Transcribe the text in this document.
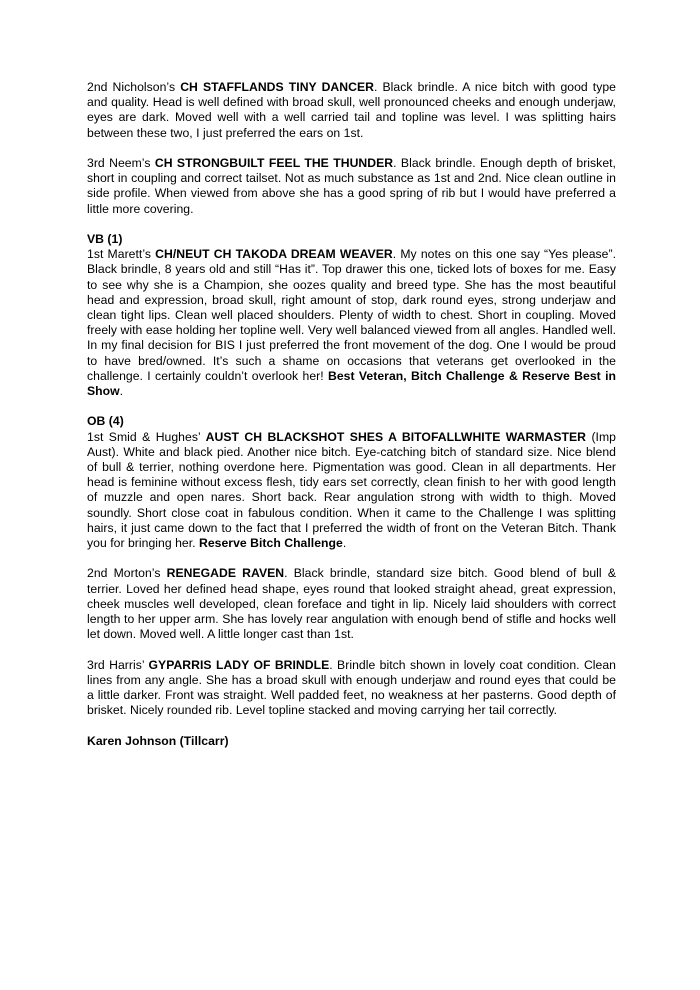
2nd Nicholson’s CH STAFFLANDS TINY DANCER. Black brindle. A nice bitch with good type and quality. Head is well defined with broad skull, well pronounced cheeks and enough underjaw, eyes are dark. Moved well with a well carried tail and topline was level. I was splitting hairs between these two, I just preferred the ears on 1st.

3rd Neem’s CH STRONGBUILT FEEL THE THUNDER. Black brindle. Enough depth of brisket, short in coupling and correct tailset. Not as much substance as 1st and 2nd. Nice clean outline in side profile. When viewed from above she has a good spring of rib but I would have preferred a little more covering.

VB (1)

1st Marett’s CH/NEUT CH TAKODA DREAM WEAVER. My notes on this one say “Yes please”. Black brindle, 8 years old and still “Has it”. Top drawer this one, ticked lots of boxes for me. Easy to see why she is a Champion, she oozes quality and breed type. She has the most beautiful head and expression, broad skull, right amount of stop, dark round eyes, strong underjaw and clean tight lips. Clean well placed shoulders. Plenty of width to chest. Short in coupling. Moved freely with ease holding her topline well. Very well balanced viewed from all angles. Handled well. In my final decision for BIS I just preferred the front movement of the dog. One I would be proud to have bred/owned. It’s such a shame on occasions that veterans get overlooked in the challenge. I certainly couldn’t overlook her! Best Veteran, Bitch Challenge & Reserve Best in Show.

OB (4)

1st Smid & Hughes’ AUST CH BLACKSHOT SHES A BITOFALLWHITE WARMASTER (Imp Aust). White and black pied. Another nice bitch. Eye-catching bitch of standard size. Nice blend of bull & terrier, nothing overdone here. Pigmentation was good. Clean in all departments. Her head is feminine without excess flesh, tidy ears set correctly, clean finish to her with good length of muzzle and open nares. Short back. Rear angulation strong with width to thigh. Moved soundly. Short close coat in fabulous condition. When it came to the Challenge I was splitting hairs, it just came down to the fact that I preferred the width of front on the Veteran Bitch. Thank you for bringing her. Reserve Bitch Challenge.

2nd Morton’s RENEGADE RAVEN. Black brindle, standard size bitch. Good blend of bull & terrier. Loved her defined head shape, eyes round that looked straight ahead, great expression, cheek muscles well developed, clean foreface and tight in lip. Nicely laid shoulders with correct length to her upper arm. She has lovely rear angulation with enough bend of stifle and hocks well let down. Moved well. A little longer cast than 1st.

3rd Harris’ GYPARRIS LADY OF BRINDLE. Brindle bitch shown in lovely coat condition. Clean lines from any angle. She has a broad skull with enough underjaw and round eyes that could be a little darker. Front was straight. Well padded feet, no weakness at her pasterns. Good depth of brisket. Nicely rounded rib. Level topline stacked and moving carrying her tail correctly.

Karen Johnson (Tillcarr)
